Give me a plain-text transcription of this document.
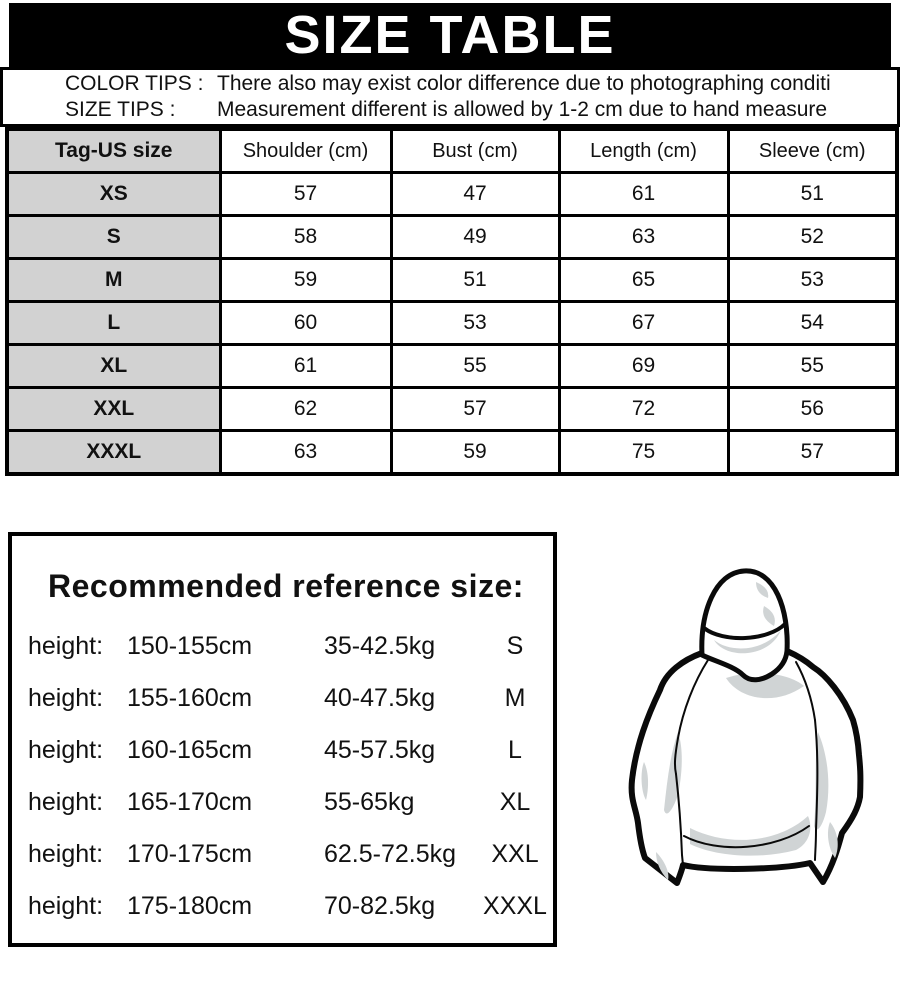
SIZE TABLE
COLOR TIPS : There also may exist color difference due to photographing conditi
SIZE TIPS :	Measurement different is allowed by 1-2 cm due to hand measure
Tag-US size	Shoulder (cm)	Bust (cm)	Length (cm)	Sleeve (cm)
XS	57	47	61	51
S	58	49	63	52
M	59	51	65	53
L	60	53	67	54
XL	61	55	69	55
XXL	62	57	72	56
XXXL	63	59	75	57
Recommended reference size:
height: 150-155cm	35-42.5kg	S
height: 155-160cm	40-47.5kg	M
height: 160-165cm	45-57.5kg	L
height: 165-170cm	55-65kg	XL
height: 170-175cm	62.5-72.5kg	XXL
height: 175-180cm	70-82.5kg	XXXL
